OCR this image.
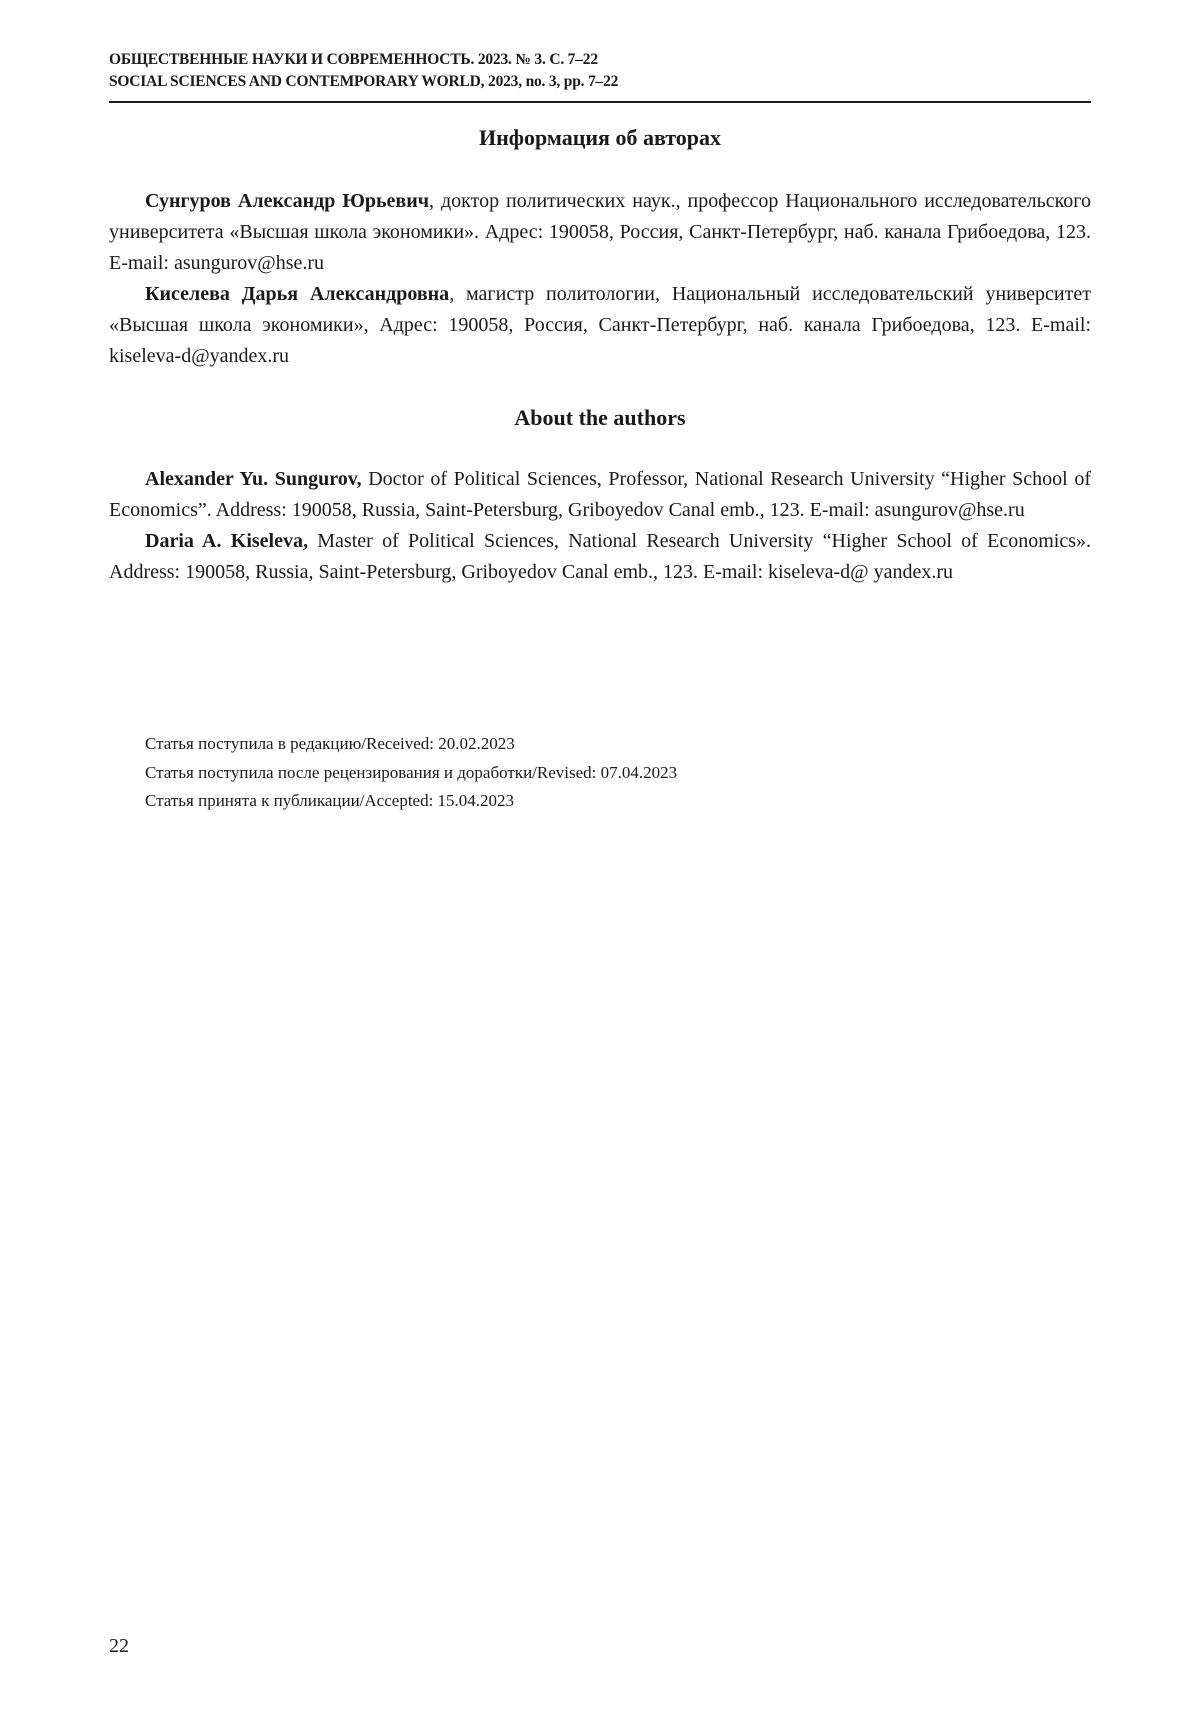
ОБЩЕСТВЕННЫЕ НАУКИ И СОВРЕМЕННОСТЬ. 2023. № 3. С. 7–22
SOCIAL SCIENCES AND CONTEMPORARY WORLD, 2023, no. 3, pp. 7–22
Информация об авторах

Сунгуров Александр Юрьевич, доктор политических наук., профессор Национального исследовательского университета «Высшая школа экономики». Адрес: 190058, Россия, Санкт-Петербург, наб. канала Грибоедова, 123. E-mail: asungurov@hse.ru

Киселева Дарья Александровна, магистр политологии, Национальный исследовательский университет «Высшая школа экономики», Адрес: 190058, Россия, Санкт-Петербург, наб. канала Грибоедова, 123. E-mail: kiseleva-d@yandex.ru

About the authors

Alexander Yu. Sungurov, Doctor of Political Sciences, Professor, National Research University “Higher School of Economics”. Address: 190058, Russia, Saint-Petersburg, Griboyedov Canal emb., 123. E-mail: asungurov@hse.ru

Daria A. Kiseleva, Master of Political Sciences, National Research University “Higher School of Economics». Address: 190058, Russia, Saint-Petersburg, Griboyedov Canal emb., 123. E-mail: kiseleva-d@ yandex.ru

Статья поступила в редакцию/Received: 20.02.2023
Статья поступила после рецензирования и доработки/Revised: 07.04.2023
Статья принята к публикации/Accepted: 15.04.2023
22
